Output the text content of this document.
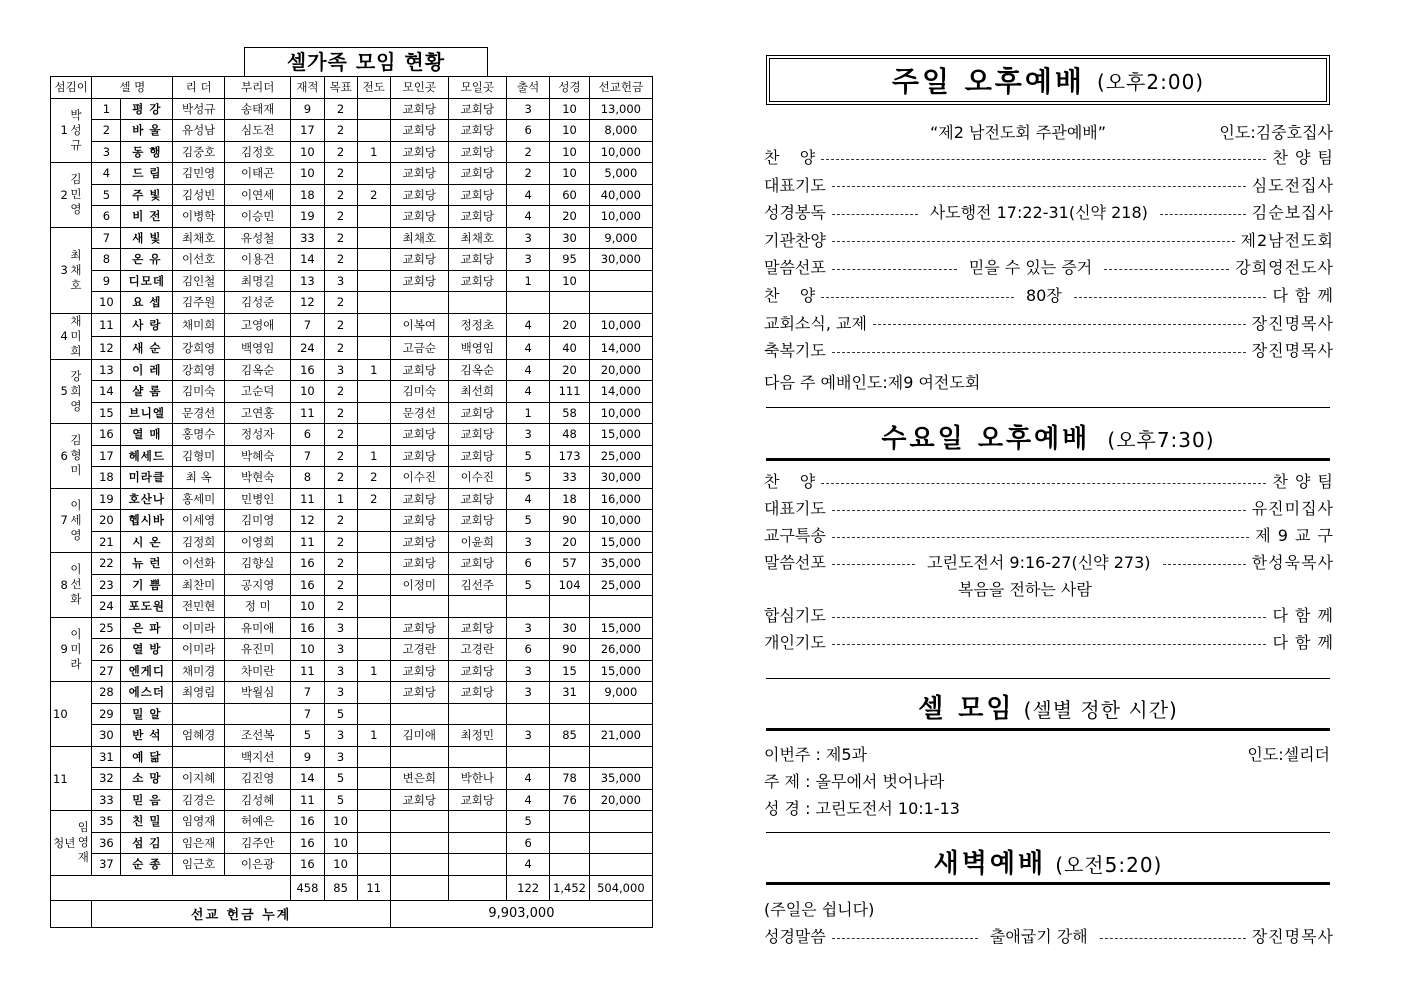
셀가족 모임 현황
섬김이	셀 명		리 더	부리더	재적	목표	전도	모인곳	모일곳	출석	성경	선교헌금
1박성규	1	평 강	박성규	송태재	9	2		교회당	교회당	3	10	13,000
	2	바 울	유성남	심도전	17	2		교회당	교회당	6	10	8,000
	3	동 행	김중호	김정호	10	2	1	교회당	교회당	2	10	10,000
2김민영	4	드 림	김민영	이태곤	10	2		교회당	교회당	2	10	5,000
	5	주 빛	김성빈	이연세	18	2	2	교회당	교회당	4	60	40,000
	6	비 전	이병학	이승민	19	2		교회당	교회당	4	20	10,000
3최채호	7	새 빛	최채호	유성철	33	2		최채호	최채호	3	30	9,000
	8	온 유	이선호	이용건	14	2		교회당	교회당	3	95	30,000
	9	디모데	김인철	최명길	13	3		교회당	교회당	1	10	
	10	요 셉	김주원	김성준	12	2						
4채미희	11	사 랑	채미희	고영애	7	2		이복여	정정초	4	20	10,000
	12	새 순	강희영	백영임	24	2		고금순	백영임	4	40	14,000
5강희영	13	이 레	강희영	김옥순	16	3	1	교회당	김옥순	4	20	20,000
	14	샬 롬	김미숙	고순덕	10	2		김미숙	최선희	4	111	14,000
	15	브니엘	문경선	고연홍	11	2		문경선	교회당	1	58	10,000
6김형미	16	열 매	홍명수	정성자	6	2		교회당	교회당	3	48	15,000
	17	헤세드	김형미	박혜숙	7	2	1	교회당	교회당	5	173	25,000
	18	미라클	최 옥	박현숙	8	2	2	이수진	이수진	5	33	30,000
7이세영	19	호산나	홍세미	민병인	11	1	2	교회당	교회당	4	18	16,000
	20	헵시바	이세영	김미영	12	2		교회당	교회당	5	90	10,000
	21	시 온	김정희	이영희	11	2		교회당	이윤희	3	20	15,000
8이선화	22	뉴 런	이선화	김향실	16	2		교회당	교회당	6	57	35,000
	23	기 쁨	최찬미	공지영	16	2		이정미	김선주	5	104	25,000
	24	포도원	전민현	정 미	10	2						
9이미라	25	은 파	이미라	유미애	16	3		교회당	교회당	3	30	15,000
	26	열 방	이미라	유진미	10	3		고경란	고경란	6	90	26,000
	27	엔게디	채미경	차미란	11	3	1	교회당	교회당	3	15	15,000
10	28	에스더	최영림	박월심	7	3		교회당	교회당	3	31	9,000
	29	밀 알			7	5						
	30	반 석	엄혜경	조선복	5	3	1	김미애	최정민	3	85	21,000
11	31	예 닮		백지선	9	3						
	32	소 망	이지혜	김진영	14	5		변은희	박한나	4	78	35,000
	33	믿 음	김경은	김성혜	11	5		교회당	교회당	4	76	20,000
청년임영재	35	친 밀	임영재	허예은	16	10				5		
	36	섬 김	임은재	김주안	16	10				6		
	37	순 종	임근호	이은광	16	10				4		
					458	85	11			122	1,452	504,000
	선교 헌금 누계							9,903,000				
주일 오후예배 (오후2:00)
“제2 남전도회 주관예배”	인도:김중호집사
찬    양	찬 양 팀
대표기도	심도전집사
성경봉독	사도행전 17:22-31(신약 218)	김순보집사
기관찬양	제2남전도회
말씀선포	믿을 수 있는 증거	강희영전도사
찬    양	80장	다 함 께
교회소식, 교제	장진명목사
축복기도	장진명목사
다음 주 예배인도:제9 여전도회
수요일 오후예배 (오후7:30)
찬    양	찬 양 팀
대표기도	유진미집사
교구특송	제 9 교 구
말씀선포	고린도전서 9:16-27(신약 273)	한성욱목사
합심기도	다 함 께
개인기도	다 함 께
복음을 전하는 사람
셀 모임 (셀별 정한 시간)
이번주 : 제5과	인도:셀리더
주 제 : 올무에서 벗어나라
성 경 : 고린도전서 10:1-13
새벽예배 (오전5:20)
(주일은 쉽니다)
성경말씀	출애굽기 강해	장진명목사
